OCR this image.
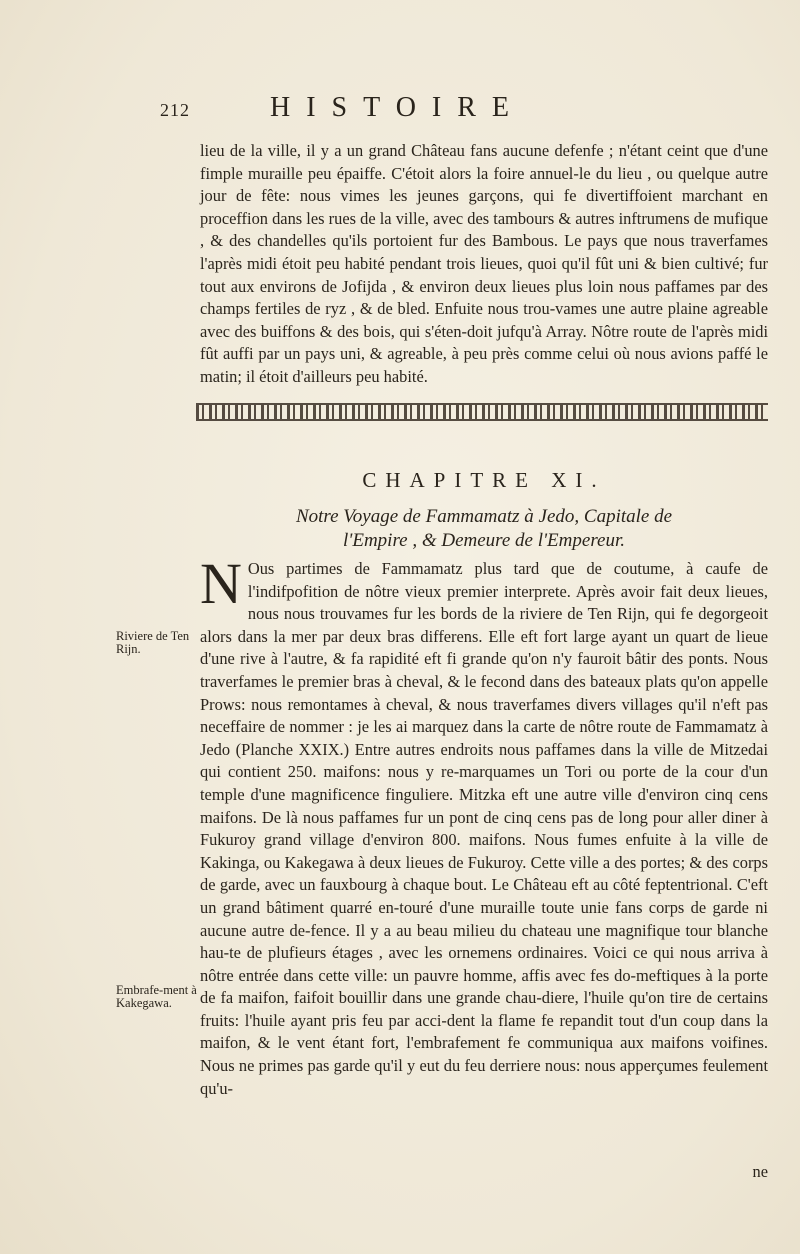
212	HISTOIRE
lieu de la ville, il y a un grand Château fans aucune defenfe ; n'étant ceint que d'une fimple muraille peu épaiffe. C'étoit alors la foire annuel-le du lieu , ou quelque autre jour de fête: nous vimes les jeunes garçons, qui fe divertiffoient marchant en proceffion dans les rues de la ville, avec des tambours & autres inftrumens de mufique , & des chandelles qu'ils portoient fur des Bambous. Le pays que nous traverfames l'après midi étoit peu habité pendant trois lieues, quoi qu'il fût uni & bien cultivé; fur tout aux environs de Jofijda , & environ deux lieues plus loin nous paffames par des champs fertiles de ryz , & de bled. Enfuite nous trou-vames une autre plaine agreable avec des buiffons & des bois, qui s'éten-doit jufqu'à Array. Nôtre route de l'après midi fût auffi par un pays uni, & agreable, à peu près comme celui où nous avions paffé le matin; il étoit d'ailleurs peu habité.
CHAPITRE XI.
Notre Voyage de Fammamatz à Jedo, Capitale de
l'Empire , & Demeure de l'Empereur.
N Ous partimes de Fammamatz plus tard que de coutume, à caufe de l'indifpofition de nôtre vieux premier interprete. Après avoir fait deux lieues, nous nous trouvames fur les bords de la riviere de Ten Rijn, qui fe degorgeoit alors dans la mer par deux bras differens. Elle eft fort large ayant un quart de lieue d'une rive à l'autre, & fa rapidité eft fi grande qu'on n'y fauroit bâtir des ponts. Nous traverfames le premier bras à cheval, & le fecond dans des bateaux plats qu'on appelle Prows: nous remontames à cheval, & nous traverfames divers villages qu'il n'eft pas neceffaire de nommer : je les ai marquez dans la carte de nôtre route de Fammamatz à Jedo (Planche XXIX.) Entre autres endroits nous paffames dans la ville de Mitzedai qui contient 250. maifons: nous y re-marquames un Tori ou porte de la cour d'un temple d'une magnificence finguliere. Mitzka eft une autre ville d'environ cinq cens maifons. De là nous paffames fur un pont de cinq cens pas de long pour aller diner à Fukuroy grand village d'environ 800. maifons. Nous fumes enfuite à la ville de Kakinga, ou Kakegawa à deux lieues de Fukuroy. Cette ville a des portes; & des corps de garde, avec un fauxbourg à chaque bout. Le Château eft au côté feptentrional. C'eft un grand bâtiment quarré en-touré d'une muraille toute unie fans corps de garde ni aucune autre de-fence. Il y a au beau milieu du chateau une magnifique tour blanche hau-te de plufieurs étages , avec les ornemens ordinaires. Voici ce qui nous arriva à nôtre entrée dans cette ville: un pauvre homme, affis avec fes do-meftiques à la porte de fa maifon, faifoit bouillir dans une grande chau-diere, l'huile qu'on tire de certains fruits: l'huile ayant pris feu par acci-dent la flame fe repandit tout d'un coup dans la maifon, & le vent étant fort, l'embrafement fe communiqua aux maifons voifines. Nous ne primes pas garde qu'il y eut du feu derriere nous: nous apperçumes feulement qu'u-
Riviere de Ten Rijn.
Embrafe-ment à Kakegawa.
ne
